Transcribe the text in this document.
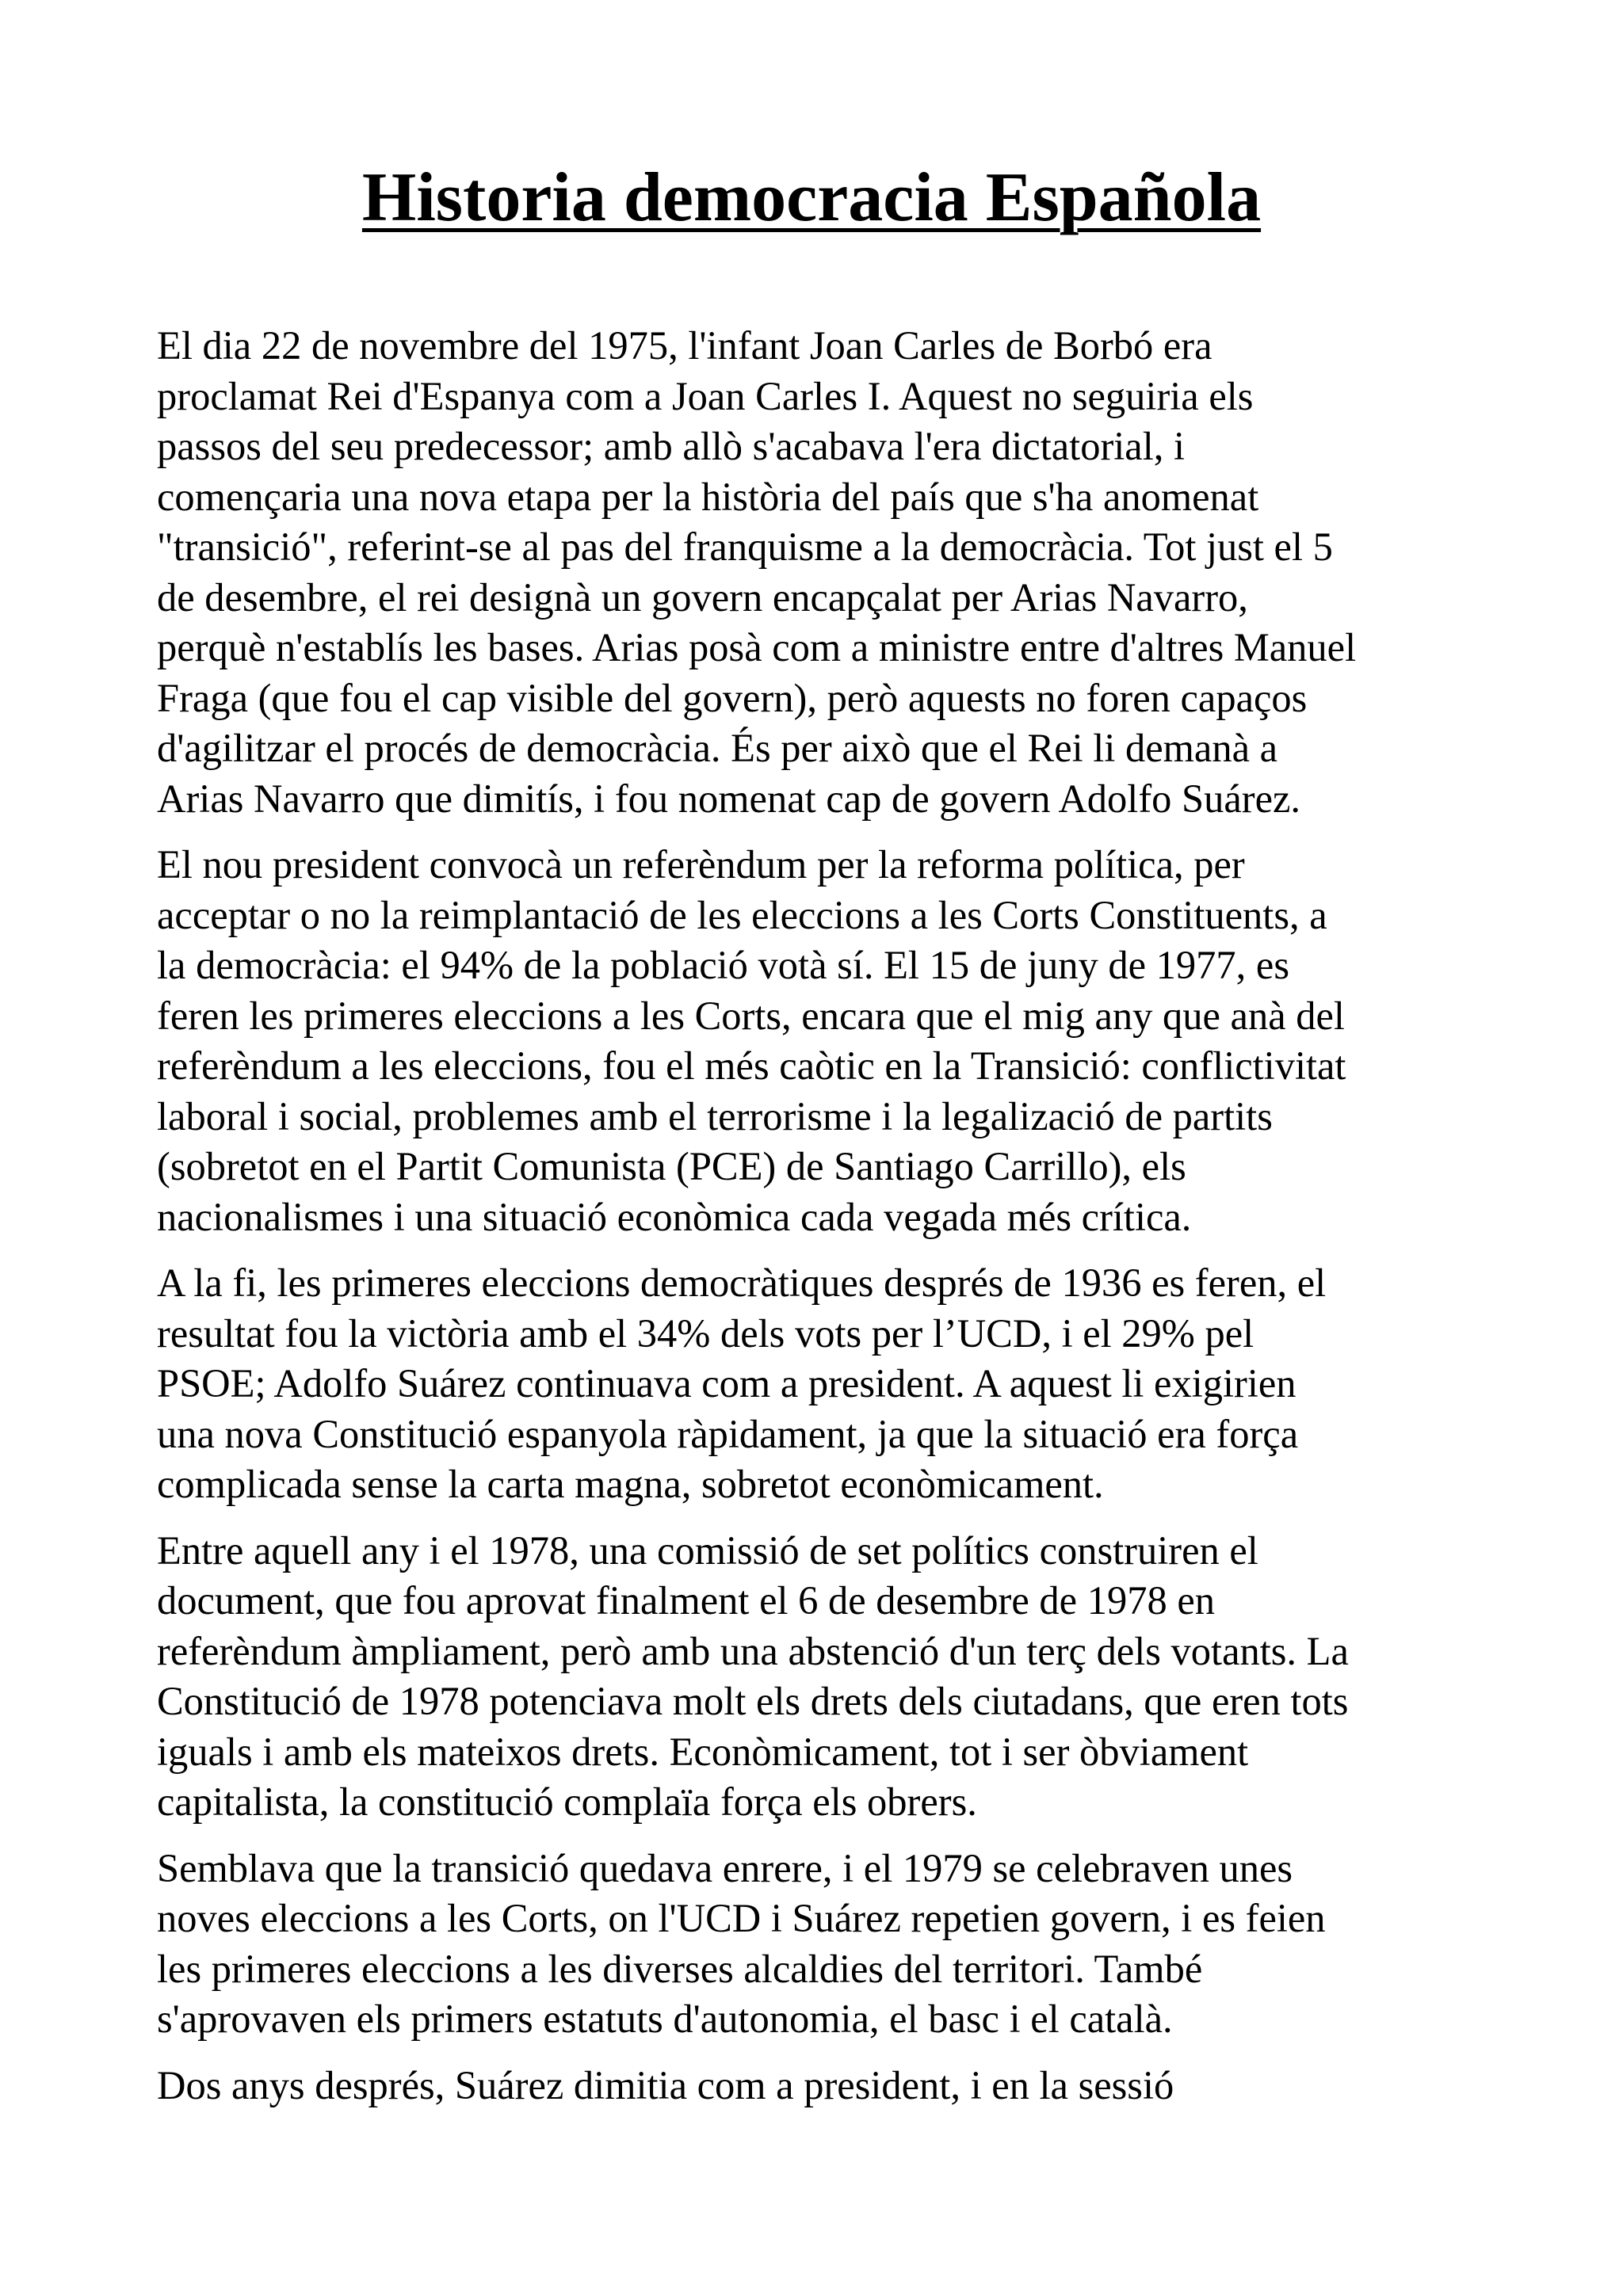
Historia democracia Española

El dia 22 de novembre del 1975, l'infant Joan Carles de Borbó era
proclamat Rei d'Espanya com a Joan Carles I. Aquest no seguiria els
passos del seu predecessor; amb allò s'acabava l'era dictatorial, i
començaria una nova etapa per la història del país que s'ha anomenat
"transició", referint-se al pas del franquisme a la democràcia. Tot just el 5
de desembre, el rei designà un govern encapçalat per Arias Navarro,
perquè n'establís les bases. Arias posà com a ministre entre d'altres Manuel
Fraga (que fou el cap visible del govern), però aquests no foren capaços
d'agilitzar el procés de democràcia. És per això que el Rei li demanà a
Arias Navarro que dimitís, i fou nomenat cap de govern Adolfo Suárez.

El nou president convocà un referèndum per la reforma política, per
acceptar o no la reimplantació de les eleccions a les Corts Constituents, a
la democràcia: el 94% de la població votà sí. El 15 de juny de 1977, es
feren les primeres eleccions a les Corts, encara que el mig any que anà del
referèndum a les eleccions, fou el més caòtic en la Transició: conflictivitat
laboral i social, problemes amb el terrorisme i la legalizació de partits
(sobretot en el Partit Comunista (PCE) de Santiago Carrillo), els
nacionalismes i una situació econòmica cada vegada més crítica.

A la fi, les primeres eleccions democràtiques després de 1936 es feren, el
resultat fou la victòria amb el 34% dels vots per l’UCD, i el 29% pel
PSOE; Adolfo Suárez continuava com a president. A aquest li exigirien
una nova Constitució espanyola ràpidament, ja que la situació era força
complicada sense la carta magna, sobretot econòmicament.

Entre aquell any i el 1978, una comissió de set polítics construiren el
document, que fou aprovat finalment el 6 de desembre de 1978 en
referèndum àmpliament, però amb una abstenció d'un terç dels votants. La
Constitució de 1978 potenciava molt els drets dels ciutadans, que eren tots
iguals i amb els mateixos drets. Econòmicament, tot i ser òbviament
capitalista, la constitució complaïa força els obrers.

Semblava que la transició quedava enrere, i el 1979 se celebraven unes
noves eleccions a les Corts, on l'UCD i Suárez repetien govern, i es feien
les primeres eleccions a les diverses alcaldies del territori. També
s'aprovaven els primers estatuts d'autonomia, el basc i el català.

Dos anys després, Suárez dimitia com a president, i en la sessió
